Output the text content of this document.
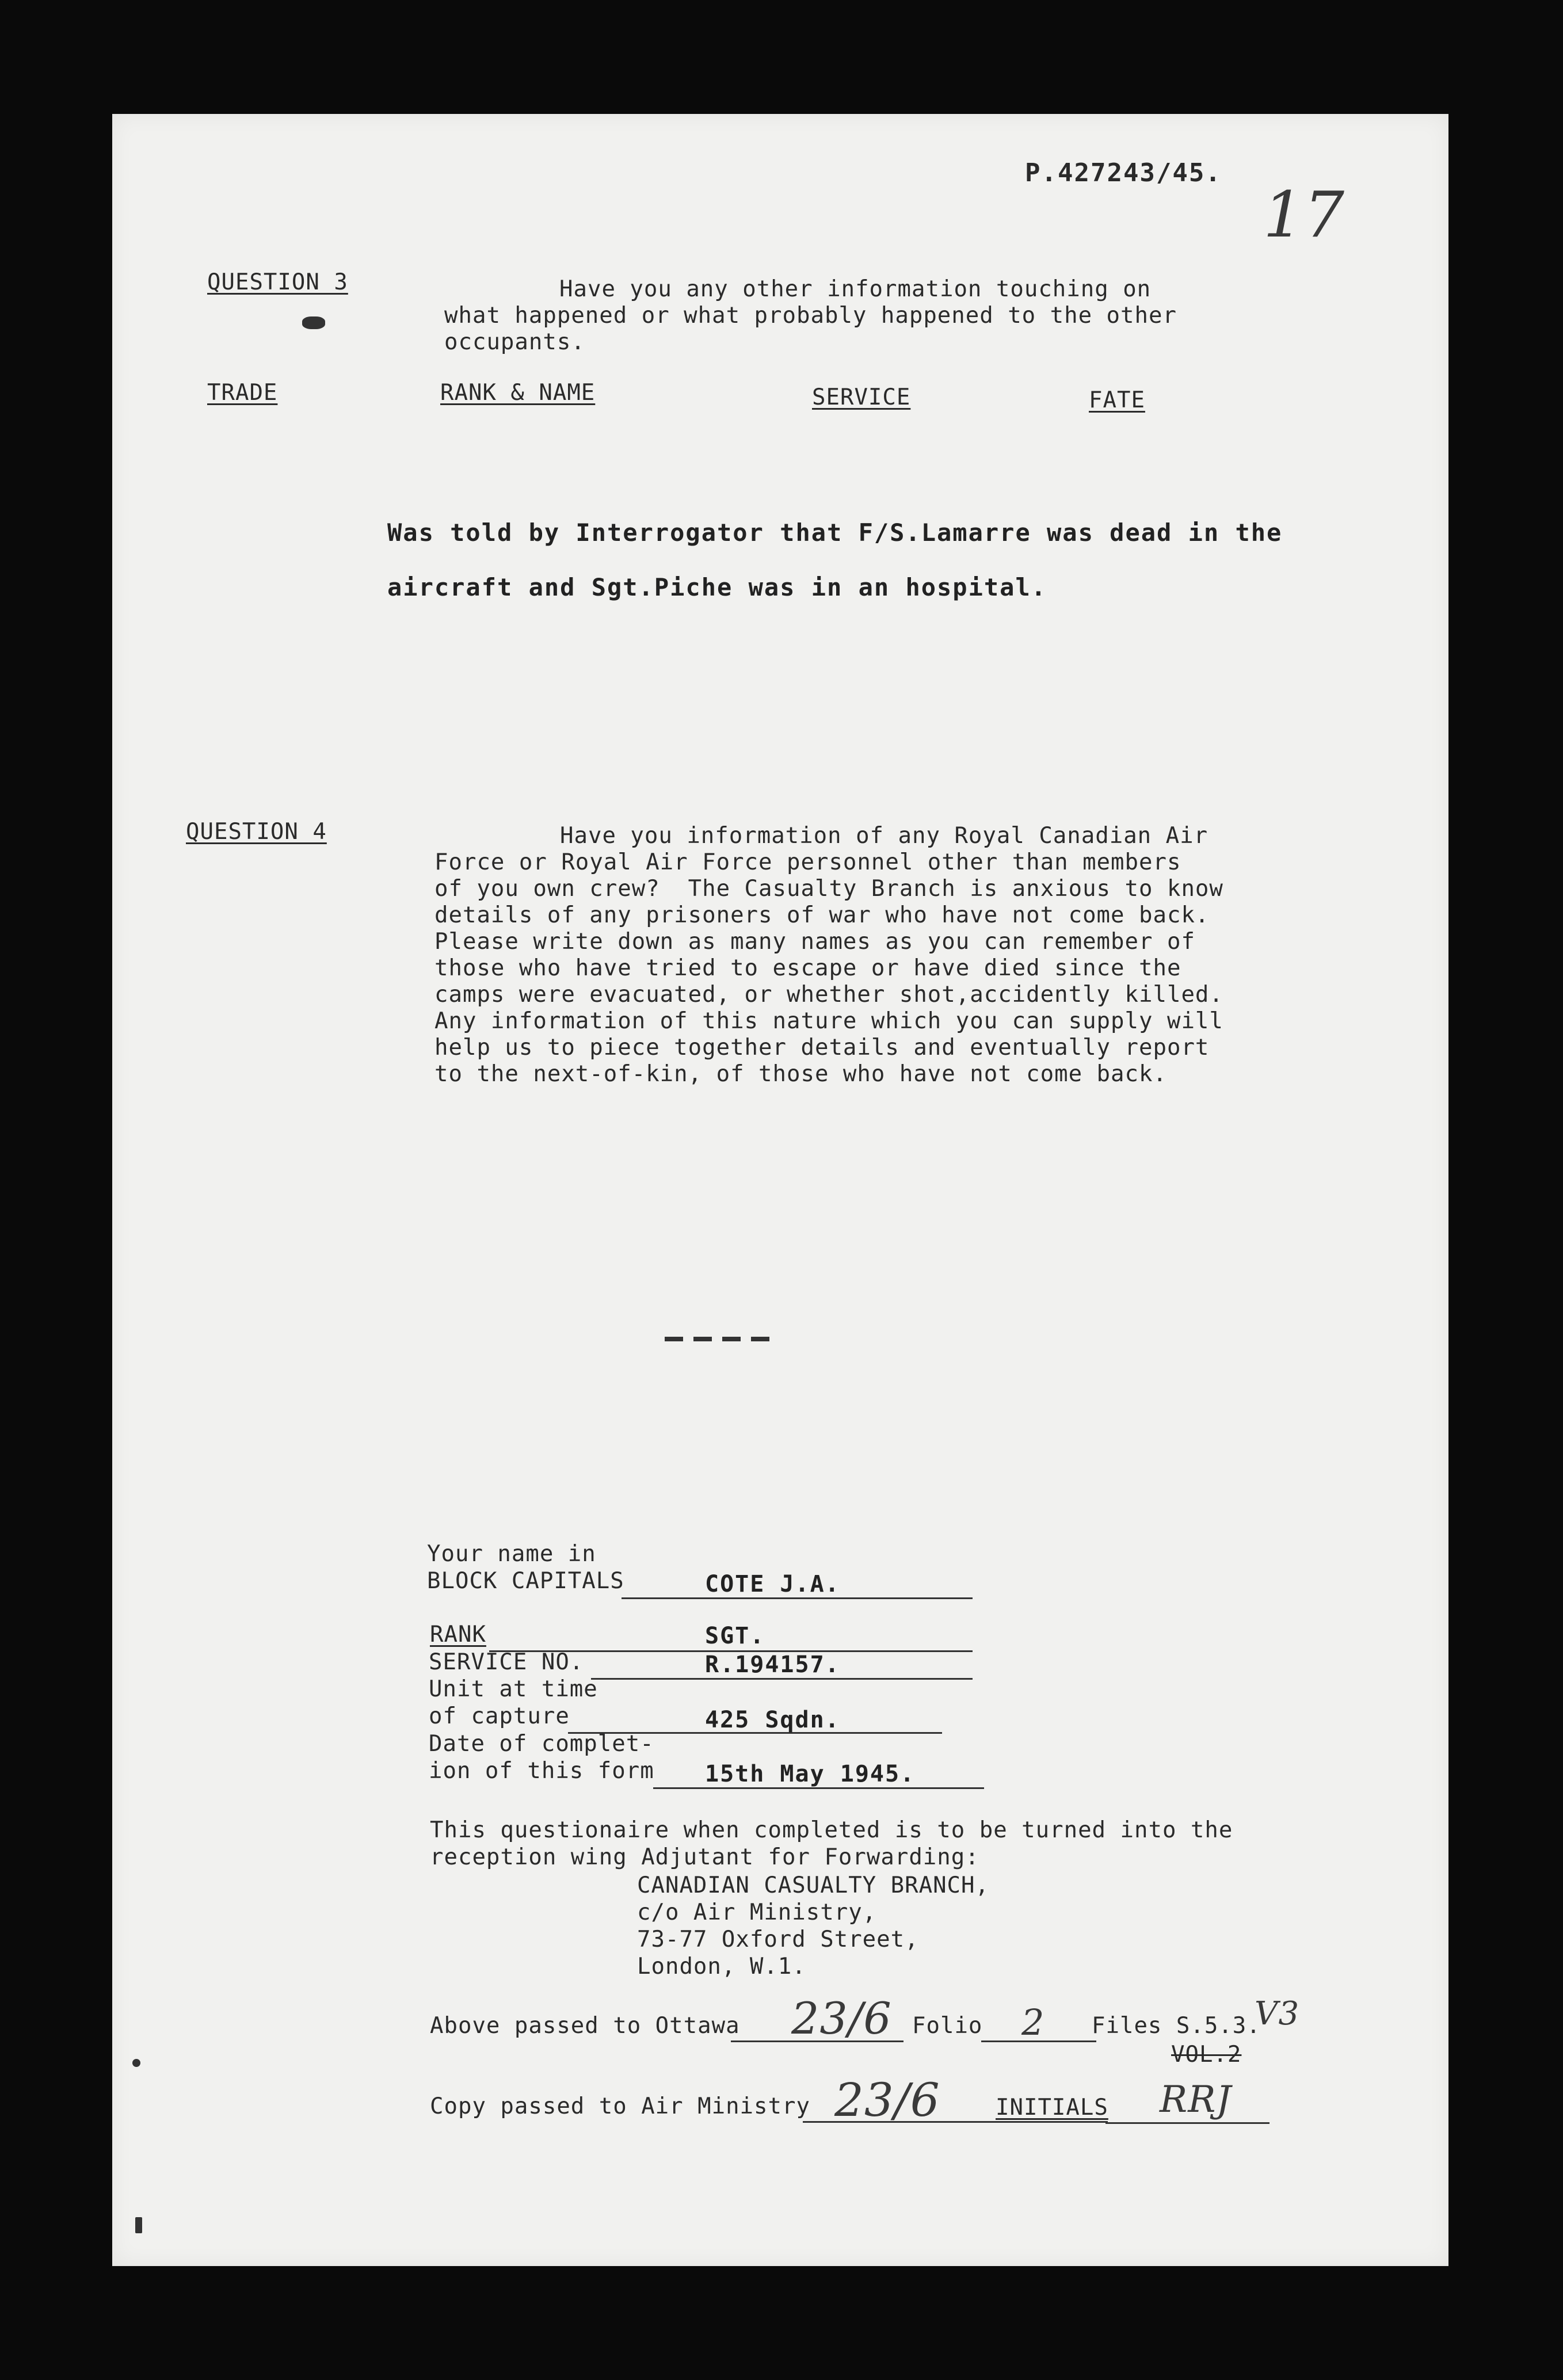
P.427243/45.
17
QUESTION 3	Have you any other information touching on
what happened or what probably happened to the other
occupants.
TRADE	RANK & NAME	SERVICE	FATE
Was told by Interrogator that F/S.Lamarre was dead in the
aircraft and Sgt.Piche was in an hospital.
QUESTION 4	Have you information of any Royal Canadian Air
Force or Royal Air Force personnel other than members
of you own crew?  The Casualty Branch is anxious to know
details of any prisoners of war who have not come back.
Please write down as many names as you can remember of
those who have tried to escape or have died since the
camps were evacuated, or whether shot,accidently killed.
Any information of this nature which you can supply will
help us to piece together details and eventually report
to the next-of-kin, of those who have not come back.
Your name in
BLOCK CAPITALS	COTE J.A.
RANK	SGT.
SERVICE NO.	R.194157.
Unit at time
of capture	425 Sqdn.
Date of complet-
ion of this form 15th May 1945.
This questionaire when completed is to be turned into the
reception wing Adjutant for Forwarding:
CANADIAN CASUALTY BRANCH,
c/o Air Ministry,
73-77 Oxford Street,
London, W.1.
Above passed to Ottawa 23/6 Folio 2 Files S.5.3.
V3
VOL.2
Copy passed to Air Ministry 23/6 INITIALS RRJ
